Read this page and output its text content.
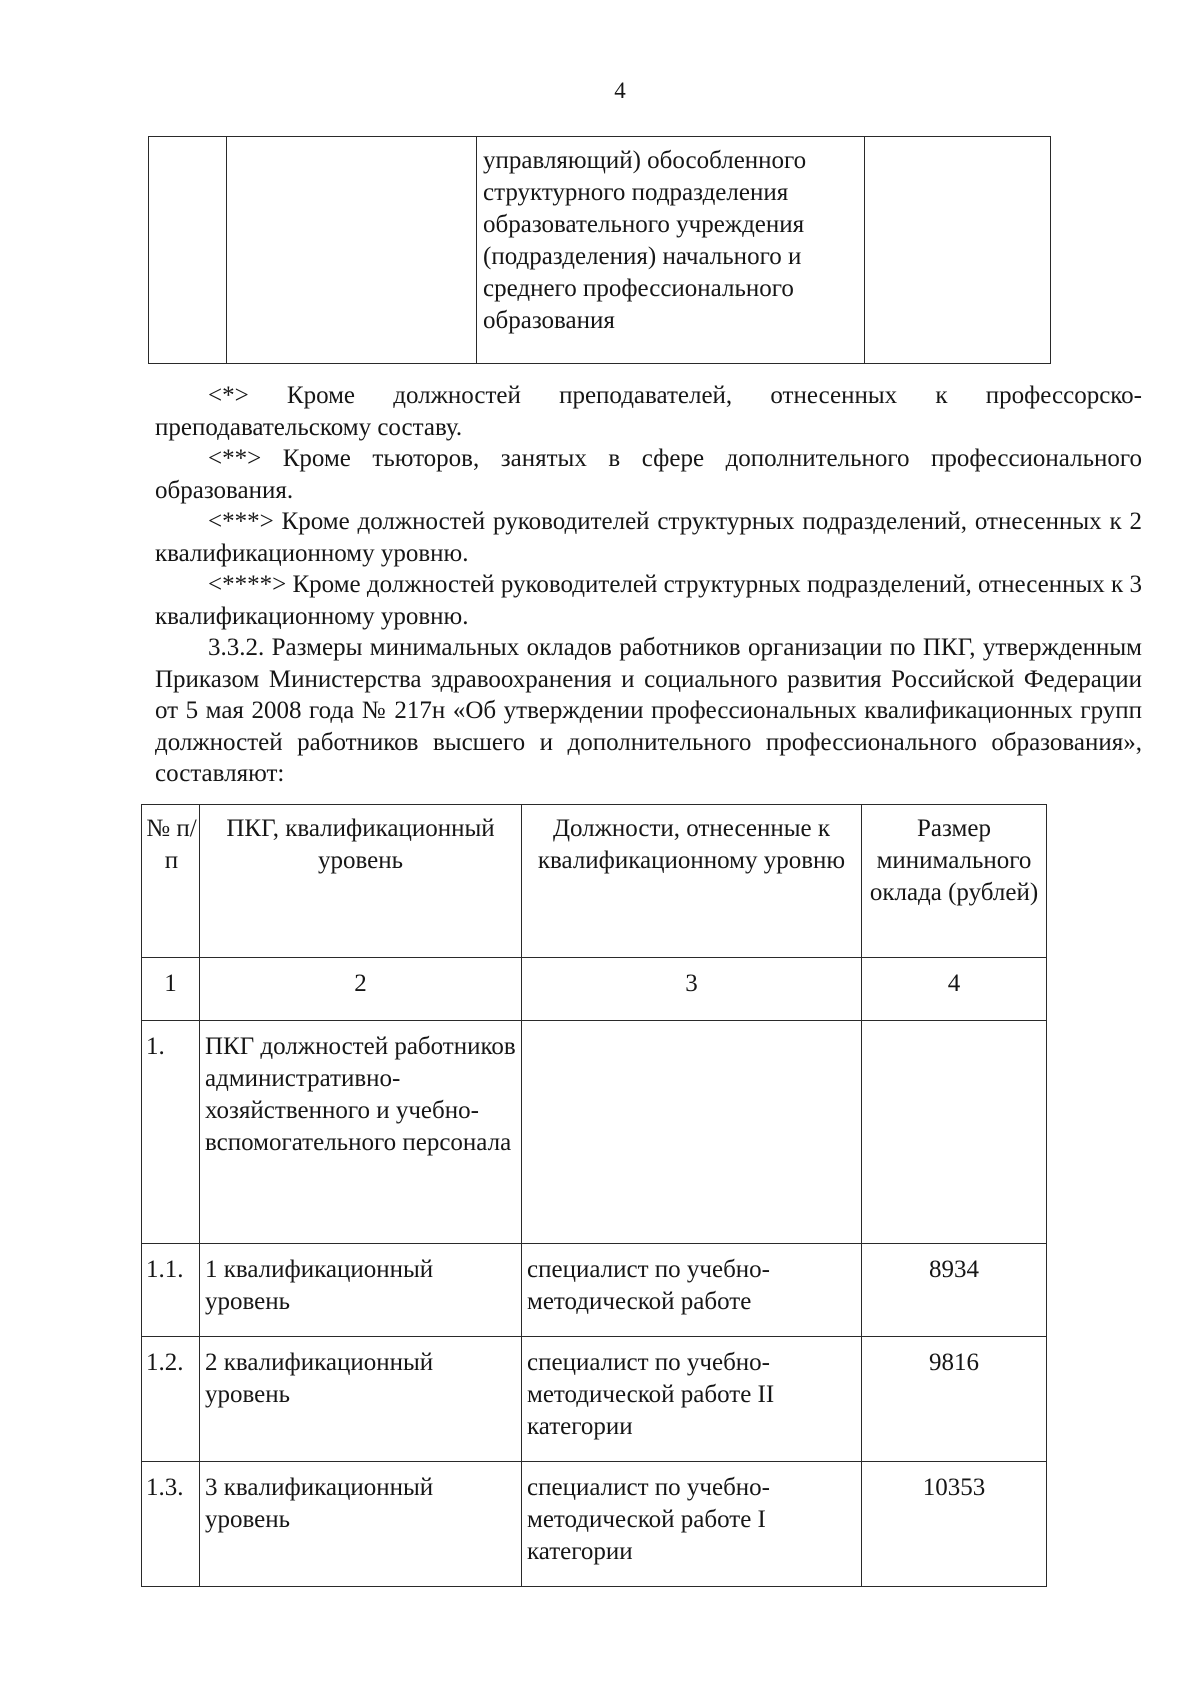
4
		управляющий) обособленного структурного подразделения образовательного учреждения (подразделения) начального и среднего профессионального образования	

<*> Кроме должностей преподавателей, отнесенных к профессорско-преподавательскому составу.

<**> Кроме тьюторов, занятых в сфере дополнительного профессионального образования.

<***> Кроме должностей руководителей структурных подразделений, отнесенных к 2 квалификационному уровню.

<****> Кроме должностей руководителей структурных подразделений, отнесенных к 3 квалификационному уровню.

3.3.2. Размеры минимальных окладов работников организации по ПКГ, утвержденным Приказом Министерства здравоохранения и социального развития Российской Федерации от 5 мая 2008 года № 217н «Об утверждении профессиональных квалификационных групп должностей работников высшего и дополнительного профессионального образования», составляют:

№ п/п	ПКГ, квалификационный уровень	Должности, отнесенные к квалификационному уровню	Размер минимального оклада (рублей)
1	2	3	4
1.	ПКГ должностей работников административно-хозяйственного и учебно-вспомогательного персонала		
1.1.	1 квалификационный уровень	специалист по учебно-методической работе	8934
1.2.	2 квалификационный уровень	специалист по учебно-методической работе II категории	9816
1.3.	3 квалификационный уровень	специалист по учебно-методической работе I категории	10353
